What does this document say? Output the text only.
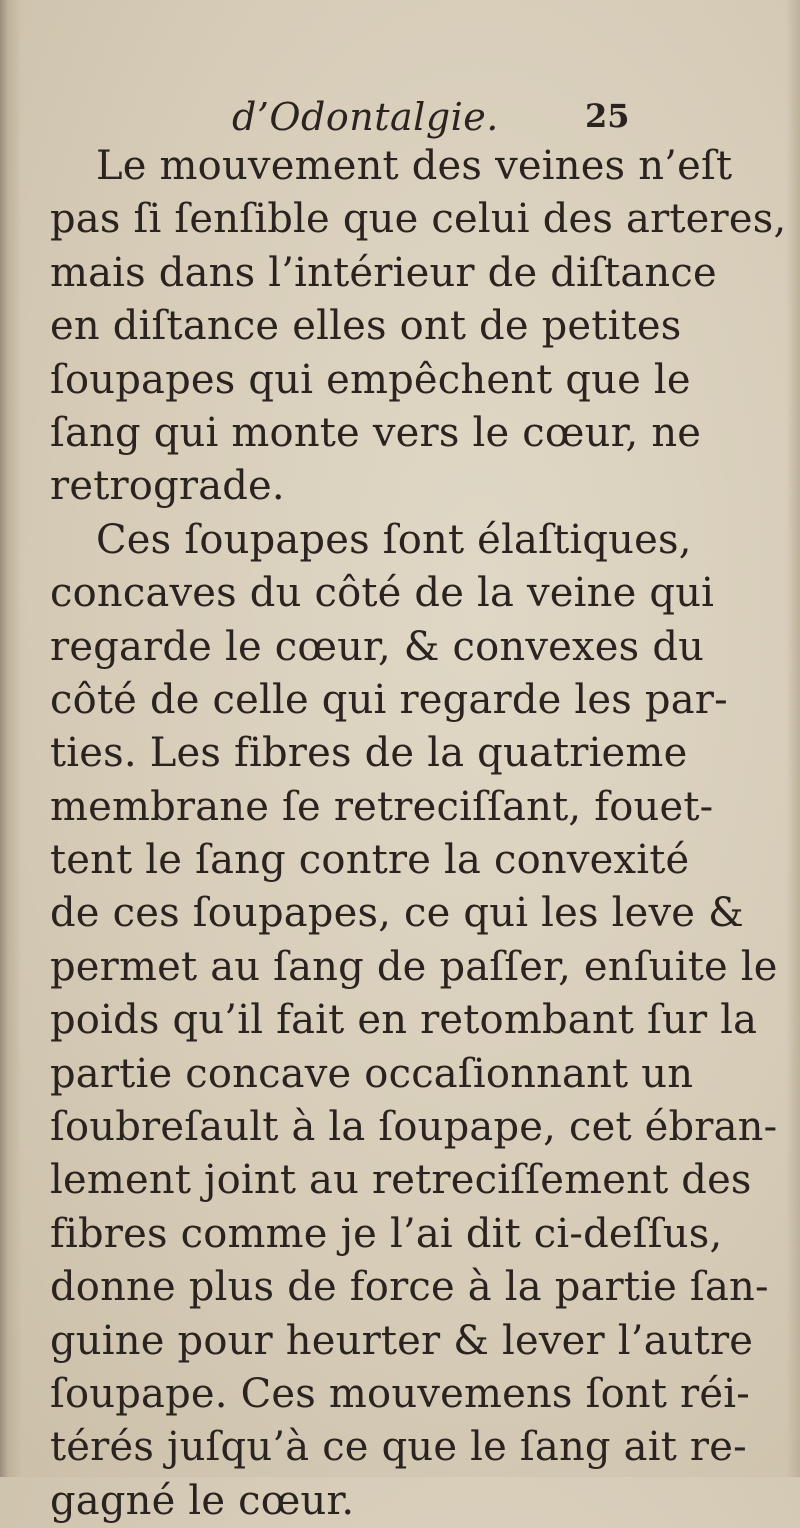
d’Odontalgie.	25
Le mouvement des veines n’eſt
pas ſi ſenſible que celui des arteres,
mais dans l’intérieur de diſtance
en diſtance elles ont de petites
ſoupapes qui empêchent que le
ſang qui monte vers le cœur, ne
retrograde.
Ces ſoupapes ſont élaſtiques,
concaves du côté de la veine qui
regarde le cœur, & convexes du
côté de celle qui regarde les par-
ties. Les fibres de la quatrieme
membrane ſe retreciſſant, fouet-
tent le ſang contre la convexité
de ces ſoupapes, ce qui les leve &
permet au ſang de paſſer, enſuite le
poids qu’il fait en retombant ſur la
partie concave occaſionnant un
ſoubreſault à la ſoupape, cet ébran-
lement joint au retreciſſement des
fibres comme je l’ai dit ci-deſſus,
donne plus de force à la partie ſan-
guine pour heurter & lever l’autre
ſoupape. Ces mouvemens ſont réi-
térés juſqu’à ce que le ſang ait re-
gagné le cœur.
